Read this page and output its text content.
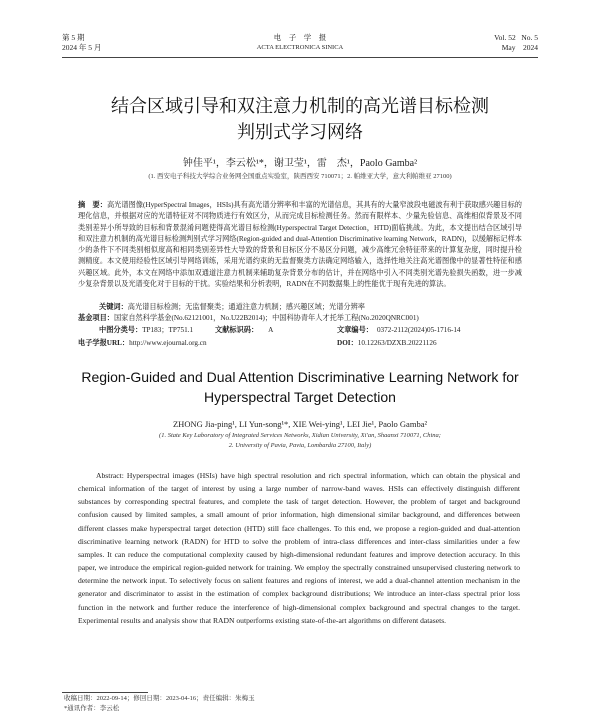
第 5 期
2024 年 5 月
电    子    学    报
ACTA ELECTRONICA SINICA
Vol. 52   No. 5
May    2024
结合区域引导和双注意力机制的高光谱目标检测
判别式学习网络
钟佳平¹，李云松¹*，谢卫莹¹，雷    杰¹，Paolo Gamba²
(1. 西安电子科技大学综合业务网全国重点实验室，陕西西安 710071；2. 帕维亚大学，意大利帕维亚 27100)
摘    要：高光谱图像(HyperSpectral Images，HSIs)具有高光谱分辨率和丰富的光谱信息，其具有的大量窄波段电磁波有利于获取感兴趣目标的理化信息，并根据对应的光谱特征对不同物质进行有效区分，从而完成目标检测任务。然而有限样本、少量先验信息、高维相似背景及不同类别差异小所导致的目标和背景混淆问题使得高光谱目标检测(Hyperspectral Target Detection，HTD)面临挑战。为此，本文提出结合区域引导和双注意力机制的高光谱目标检测判别式学习网络(Region-guided and dual-Attention Discriminative learning Network，RADN)，以缓解标记样本少的条件下不同类别相似度高和相同类别差异性大导致的背景和目标区分不易区分问题，减少高维冗余特征带来的计算复杂度，同时提升检测精度。本文使用经验性区域引导网络训练，采用光谱约束的无监督聚类方法确定网络输入，选择性地关注高光谱图像中的显著性特征和感兴趣区域。此外，本文在网络中添加双通道注意力机制来辅助复杂背景分布的估计，并在网络中引入不同类别光谱先验损失函数，进一步减少复杂背景以及光谱变化对于目标的干扰。实验结果和分析表明，RADN在不同数据集上的性能优于现有先进的算法。
关键词：高光谱目标检测；无监督聚类；通道注意力机制；感兴趣区域；光谱分辨率
基金项目：国家自然科学基金(No.62121001，No.U22B2014)；中国科协青年人才托举工程(No.2020QNRC001)
中图分类号：TP183；TP751.1	文献标识码： A	文章编号： 0372-2112(2024)05-1716-14
电子学报URL：http://www.ejournal.org.cn	DOI：10.12263/DZXB.20221126
Region-Guided and Dual Attention Discriminative Learning Network for
Hyperspectral Target Detection
ZHONG Jia-ping¹, LI Yun-song¹*, XIE Wei-ying¹, LEI Jie¹, Paolo Gamba²
(1. State Key Laboratory of Integrated Services Networks, Xidian University, Xi'an, Shaanxi 710071, China;
2. University of Pavia, Pavia, Lombardia 27100, Italy)
Abstract: Hyperspectral images (HSIs) have high spectral resolution and rich spectral information, which can obtain the physical and chemical information of the target of interest by using a large number of narrow-band waves. HSIs can effectively distinguish different substances by corresponding spectral features, and complete the task of target detection. However, the problem of target and background confusion caused by limited samples, a small amount of prior information, high dimensional similar background, and differences between different classes make hyperspectral target detection (HTD) still face challenges. To this end, we propose a region-guided and dual-attention discriminative learning network (RADN) for HTD to solve the problem of intra-class differences and inter-class similarities under a few samples. It can reduce the computational complexity caused by high-dimensional redundant features and improve detection accuracy. In this paper, we introduce the empirical region-guided network for training. We employ the spectrally constrained unsupervised clustering network to determine the network input. To selectively focus on salient features and regions of interest, we add a dual-channel attention mechanism in the generator and discriminator to assist in the estimation of complex background distributions; We introduce an inter-class spectral prior loss function in the network and further reduce the interference of high-dimensional complex background and spectral changes to the target. Experimental results and analysis show that RADN outperforms existing state-of-the-art algorithms on different datasets.
收稿日期：2022-09-14；修回日期：2023-04-16；责任编辑：朱梅玉
*通讯作者：李云松
